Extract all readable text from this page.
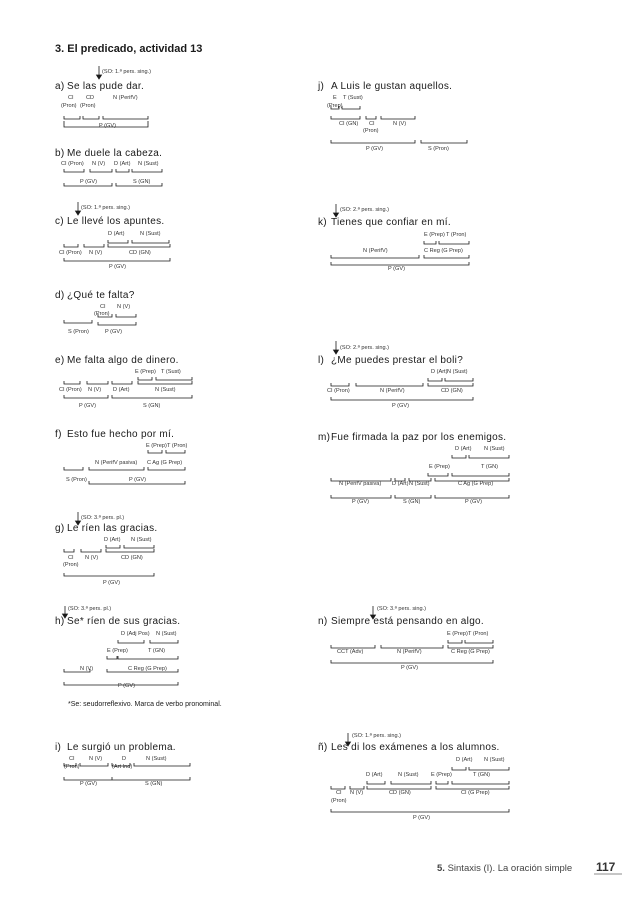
3. El predicado, actividad 13
(SO: 1.ª pers. sing.)
a) Se las pude dar.
CI CD
(Pron) (Pron)
N (PerifV)
P (GV)
b) Me duele la cabeza.
CI (Pron) N (V) D (Art) N (Sust)
P (GV)	S (GN)
(SO: 1.ª pers. sing.)
c) Le llevé los apuntes.
D (Art)	N (Sust)
CI (Pron) N (V)	CD (GN)
P (GV)
d) ¿Qué te falta?
CI N (V)
(Pron)
S (Pron)	P (GV)
e) Me falta algo de dinero.
E (Prep) T (Sust)
CI (Pron) N (V) D (Art)	N (Sust)
P (GV)	S (GN)
f) Esto fue hecho por mí.
E (Prep) T (Pron)
N (PerifV pasiva) C Ag (G Prep)
S (Pron)	P (GV)
(SO: 3.ª pers. pl.)
g) Le ríen las gracias.
D (Art) N (Sust)
CI N (V)	CD (GN)
(Pron)
P (GV)
(SO: 3.ª pers. pl.)
h) Se* ríen de sus gracias.
D (Adj Pos) N (Sust)
E (Prep)	T (GN)
N (V)	C Reg (G Prep)
P (GV)
*Se: seudorreflexivo. Marca de verbo pronominal.
i) Le surgió un problema.
CI	N (V)	D	N (Sust)
(Pron)	(Art Ind)
P (GV)	S (GN)
j) A Luis le gustan aquellos.
E T (Sust)
(Prep)
CI (GN) CI	N (V)
(Pron)
P (GV)	S (Pron)
(SO: 2.ª pers. sing.)
k) Tienes que confiar en mí.
E (Prep) T (Pron)
N (PerifV)	C Reg (G Prep)
P (GV)
(SO: 2.ª pers. sing.)
l) ¿Me puedes prestar el boli?
D (Art) N (Sust)
CI (Pron)	N (PerifV)	CD (GN)
P (GV)
m) Fue firmada la paz por los enemigos.
D (Art) N (Sust)
E (Prep)	T (GN)
N (PerifV pasiva) D (Art) N (Sust)	C Ag (G Prep)
P (GV)	S (GN)	P (GV)
(SO: 3.ª pers. sing.)
n) Siempre está pensando en algo.
E (Prep) T (Pron)
CCT (Adv)	N (PerifV)	C Reg (G Prep)
P (GV)
(SO: 1.ª pers. sing.)
ñ) Les di los exámenes a los alumnos.
D (Art) N (Sust)
D (Art)	N (Sust) E (Prep)	T (GN)
CI N (V)	CD (GN)	CI (G Prep)
(Pron)
P (GV)
5. Sintaxis (I). La oración simple 117
